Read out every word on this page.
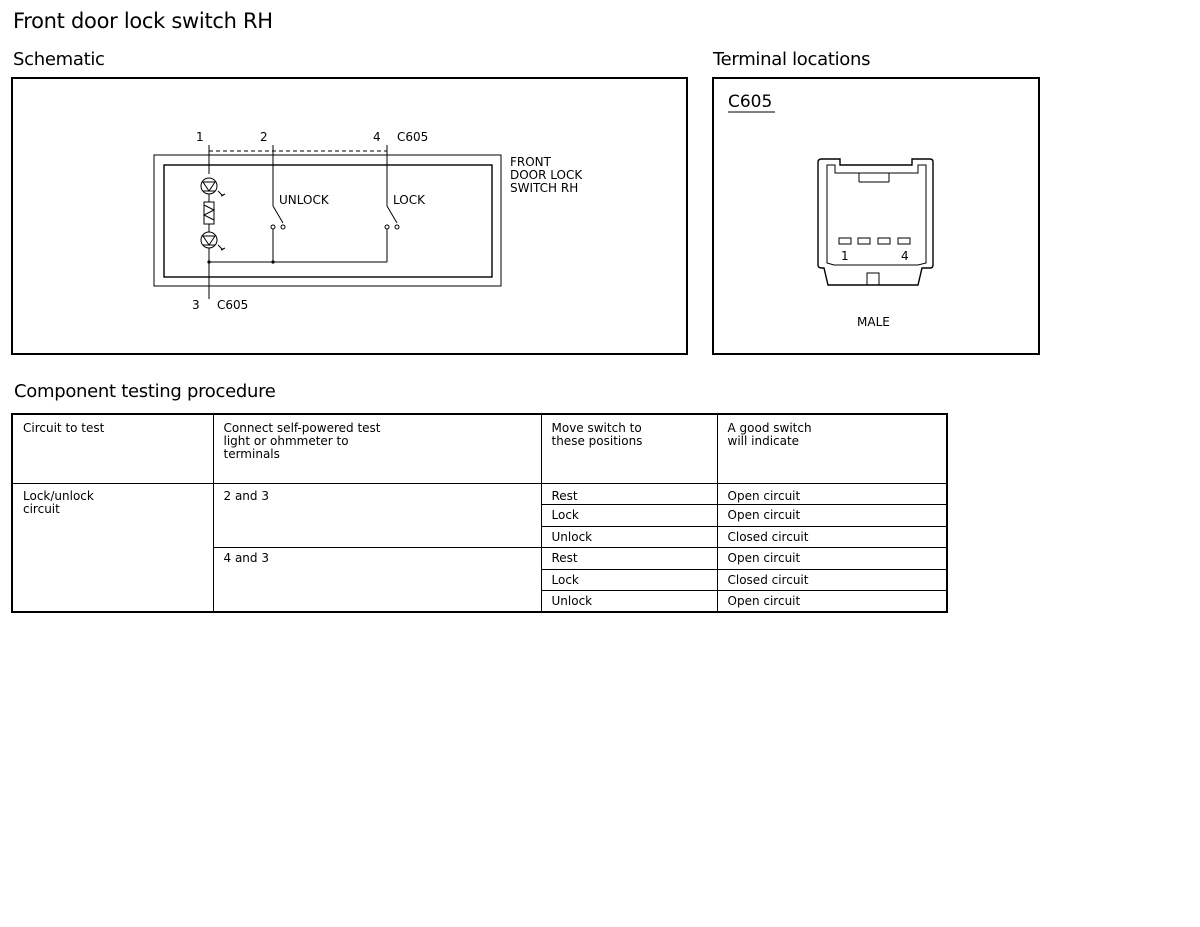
Front door lock switch RH
Schematic
1	2	4 C605
3 C605
FRONT
DOOR LOCK
SWITCH RH
UNLOCK	LOCK
Terminal locations
C605
1	4
MALE
Component testing procedure
Circuit to test	Connect self-powered test light or ohmmeter to terminals	Move switch to these positions	A good switch will indicate
Lock/unlock circuit	2 and 3	Rest	Open circuit
		Lock	Open circuit
		Unlock	Closed circuit
	4 and 3	Rest	Open circuit
		Lock	Closed circuit
		Unlock	Open circuit
